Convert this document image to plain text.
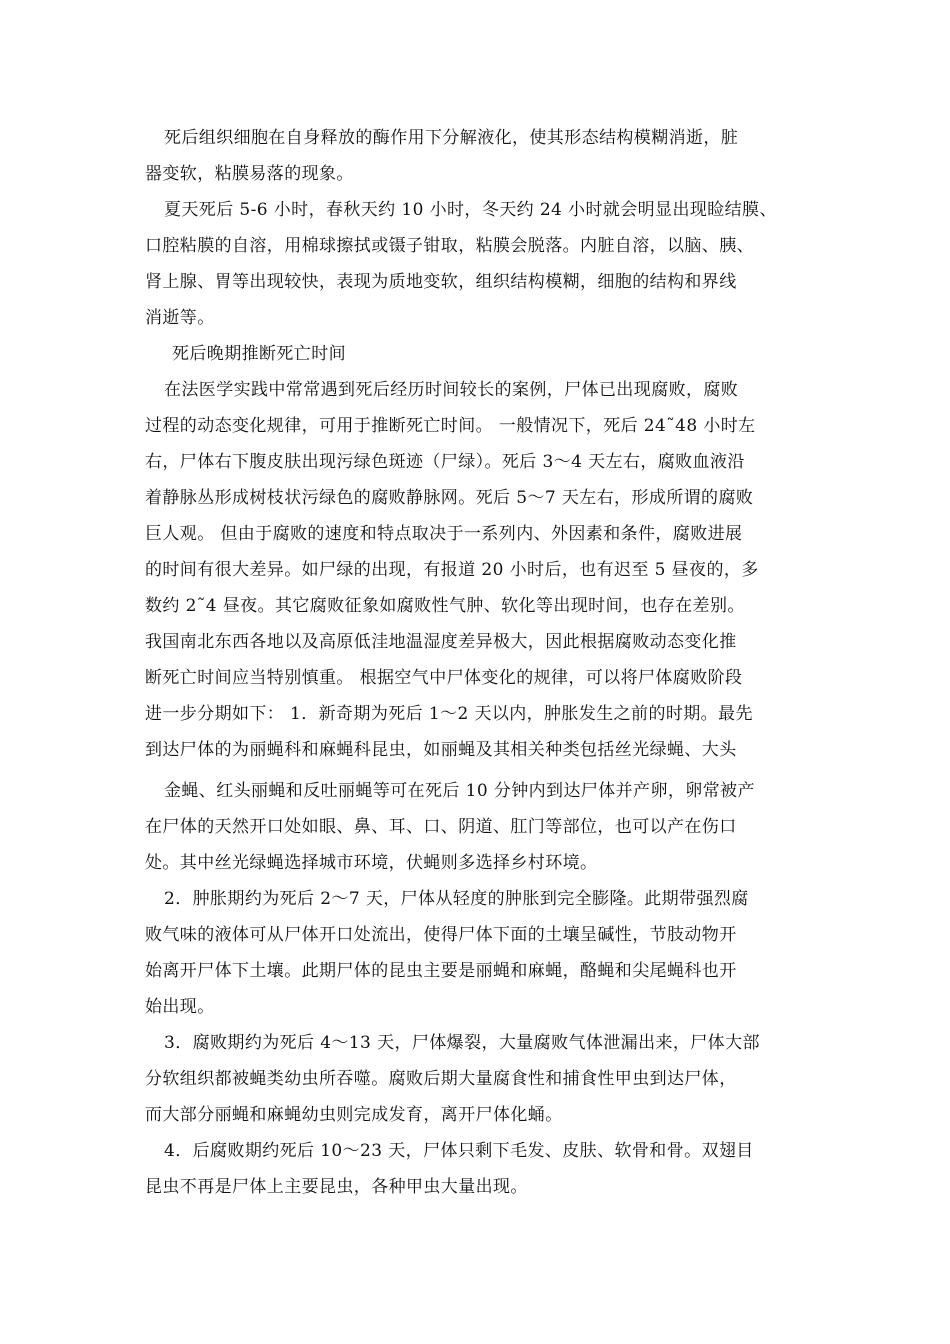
死后组织细胞在自身释放的酶作用下分解液化，使其形态结构模糊消逝，脏
器变软，粘膜易落的现象。
夏天死后 5-6 小时，春秋天约 10 小时，冬天约 24 小时就会明显出现睑结膜、
口腔粘膜的自溶，用棉球擦拭或镊子钳取，粘膜会脱落。内脏自溶，以脑、胰、
肾上腺、胃等出现较快，表现为质地变软，组织结构模糊，细胞的结构和界线
消逝等。
死后晚期推断死亡时间
在法医学实践中常常遇到死后经历时间较长的案例，尸体已出现腐败，腐败
过程的动态变化规律，可用于推断死亡时间。 一般情况下，死后 24˜48 小时左
右，尸体右下腹皮肤出现污绿色斑迹（尸绿）。死后 3～4 天左右，腐败血液沿
着静脉丛形成树枝状污绿色的腐败静脉网。死后 5～7 天左右，形成所谓的腐败
巨人观。 但由于腐败的速度和特点取决于一系列内、外因素和条件，腐败进展
的时间有很大差异。如尸绿的出现，有报道 20 小时后，也有迟至 5 昼夜的，多
数约 2˜4 昼夜。其它腐败征象如腐败性气肿、软化等出现时间，也存在差别。
我国南北东西各地以及高原低洼地温湿度差异极大，因此根据腐败动态变化推
断死亡时间应当特别慎重。 根据空气中尸体变化的规律，可以将尸体腐败阶段
进一步分期如下： 1．新奇期为死后 1～2 天以内，肿胀发生之前的时期。最先
到达尸体的为丽蝇科和麻蝇科昆虫，如丽蝇及其相关种类包括丝光绿蝇、大头
金蝇、红头丽蝇和反吐丽蝇等可在死后 10 分钟内到达尸体并产卵，卵常被产
在尸体的天然开口处如眼、鼻、耳、口、阴道、肛门等部位，也可以产在伤口
处。其中丝光绿蝇选择城市环境，伏蝇则多选择乡村环境。
2．肿胀期约为死后 2～7 天，尸体从轻度的肿胀到完全膨隆。此期带强烈腐
败气味的液体可从尸体开口处流出，使得尸体下面的土壤呈碱性，节肢动物开
始离开尸体下土壤。此期尸体的昆虫主要是丽蝇和麻蝇，酪蝇和尖尾蝇科也开
始出现。
3．腐败期约为死后 4～13 天，尸体爆裂，大量腐败气体泄漏出来，尸体大部
分软组织都被蝇类幼虫所吞噬。腐败后期大量腐食性和捕食性甲虫到达尸体，
而大部分丽蝇和麻蝇幼虫则完成发育，离开尸体化蛹。
4．后腐败期约死后 10～23 天，尸体只剩下毛发、皮肤、软骨和骨。双翅目
昆虫不再是尸体上主要昆虫，各种甲虫大量出现。
